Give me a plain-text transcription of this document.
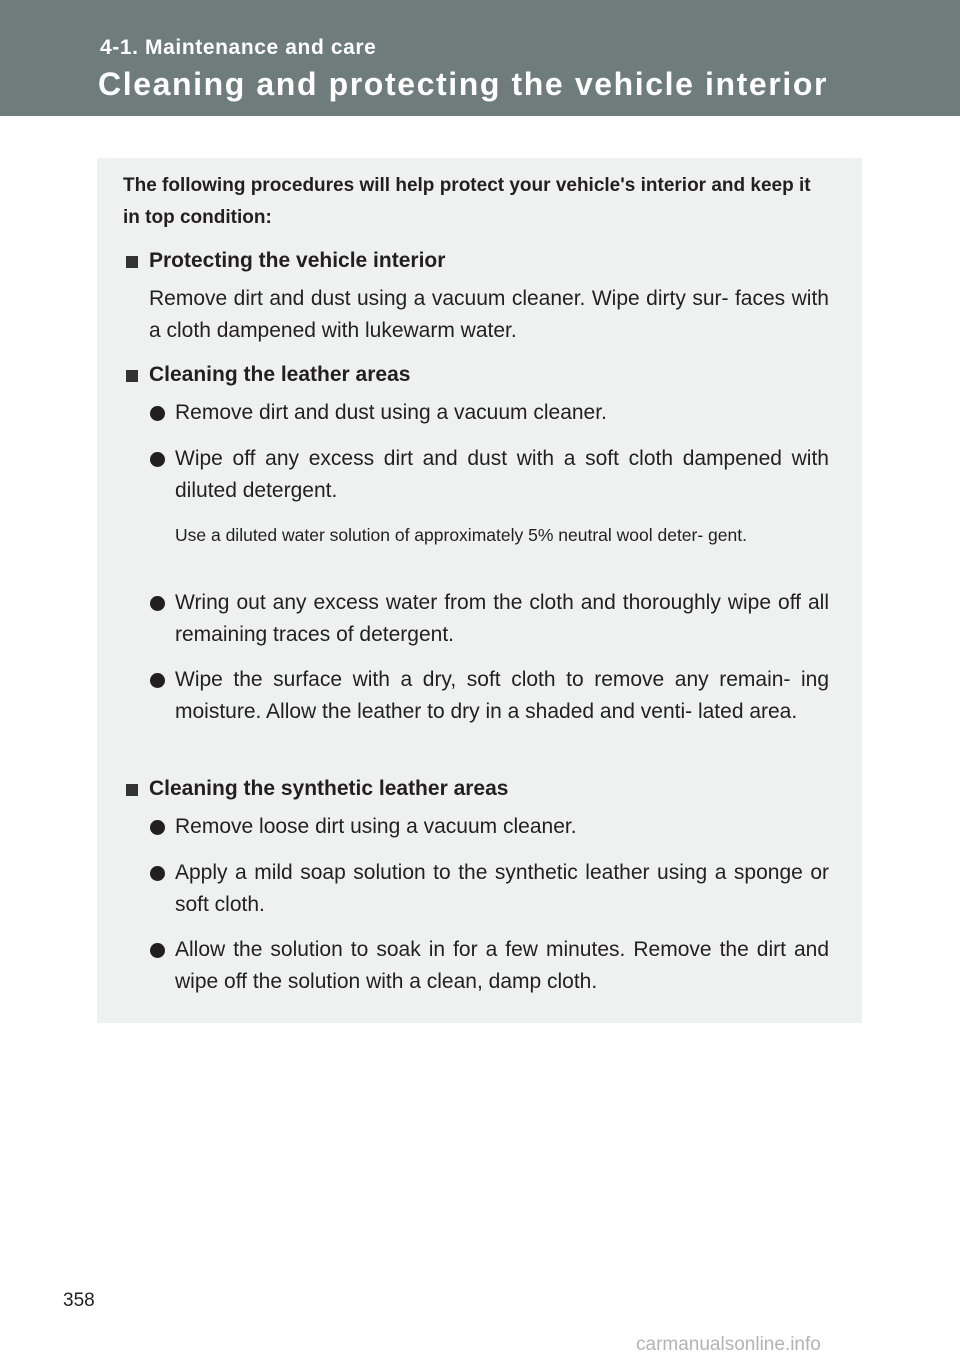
4-1. Maintenance and care
Cleaning and protecting the vehicle interior
The following procedures will help protect your vehicle's interior and keep it in top condition:
Protecting the vehicle interior
Remove dirt and dust using a vacuum cleaner. Wipe dirty sur- faces with a cloth dampened with lukewarm water.
Cleaning the leather areas
Remove dirt and dust using a vacuum cleaner.
Wipe off any excess dirt and dust with a soft cloth dampened with diluted detergent.
Use a diluted water solution of approximately 5% neutral wool deter- gent.
Wring out any excess water from the cloth and thoroughly wipe off all remaining traces of detergent.
Wipe the surface with a dry, soft cloth to remove any remain- ing moisture. Allow the leather to dry in a shaded and venti- lated area.
Cleaning the synthetic leather areas
Remove loose dirt using a vacuum cleaner.
Apply a mild soap solution to the synthetic leather using a sponge or soft cloth.
Allow the solution to soak in for a few minutes. Remove the dirt and wipe off the solution with a clean, damp cloth.
358
carmanualsonline.info
